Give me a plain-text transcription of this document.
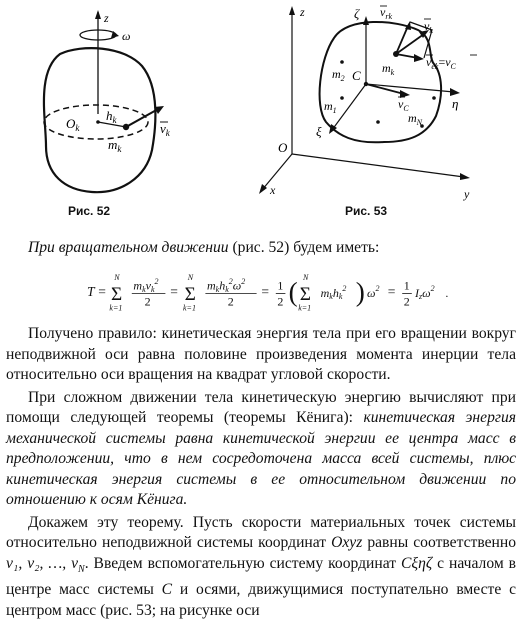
z
ω
$O_k$
$h_k$
$m_k$
$v_k$
Рис. 52
z
y
x
O
ζ
η
ξ
C
$v_C$
$m_2$
$m_1$
$m_N$
$m_k$
$v_{rk}$
$v_k$
$v_{ek}=v_C$
Рис. 53
При вращательном движении (рис. 52) будем иметь:
T =
N
Σ
k=1
$m_kv_k^2$
2
=
N
Σ
k=1
$m_kh_k^2\omega^2$
2
= 1
2 ( N
Σ
k=1
$m_kh_k^2$ ) $\omega^2 = 1$
2
$I_z\omega^2$ .

Получено правило: кинетическая энергия тела при его вращении вокруг неподвижной оси равна половине произведения момента инерции тела относительно оси вращения на квадрат угловой скорости.

При сложном движении тела кинетическую энергию вычисляют при помощи следующей теоремы (теоремы Кёнига): кинетическая энергия механической системы равна кинетической энергии ее центра масс в предположении, что в нем сосредоточена масса всей системы, плюс кинетическая энергия системы в ее относительном движении по отношению к осям Кёнига.

Докажем эту теорему. Пусть скорости материальных точек системы относительно неподвижной системы координат Oxyz равны соответственно v₁, v₂, …, $v_N$. Введем вспомогательную систему координат Cξηζ с началом в центре масс системы C и осями, движущимися поступательно вместе с центром масс (рис. 53; на рисунке оси
